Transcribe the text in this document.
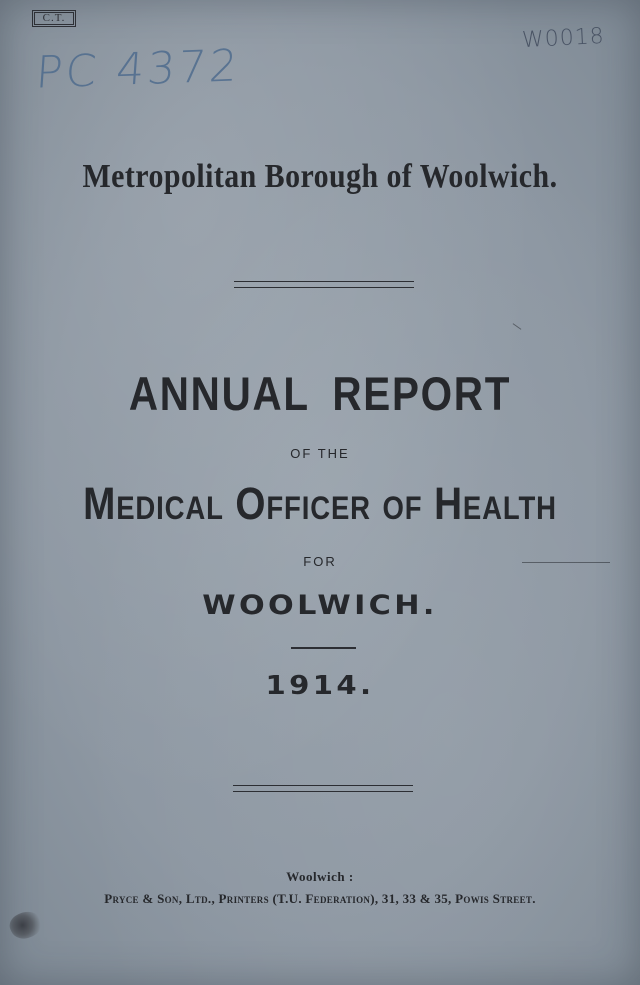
C.T.
W0018
PC 4372
Metropolitan Borough of Woolwich.
ANNUAL REPORT
OF THE
Medical Officer of Health
FOR
WOOLWICH.
1914.
Woolwich :
Pryce & Son, Ltd., Printers (T.U. Federation), 31, 33 & 35, Powis Street.
